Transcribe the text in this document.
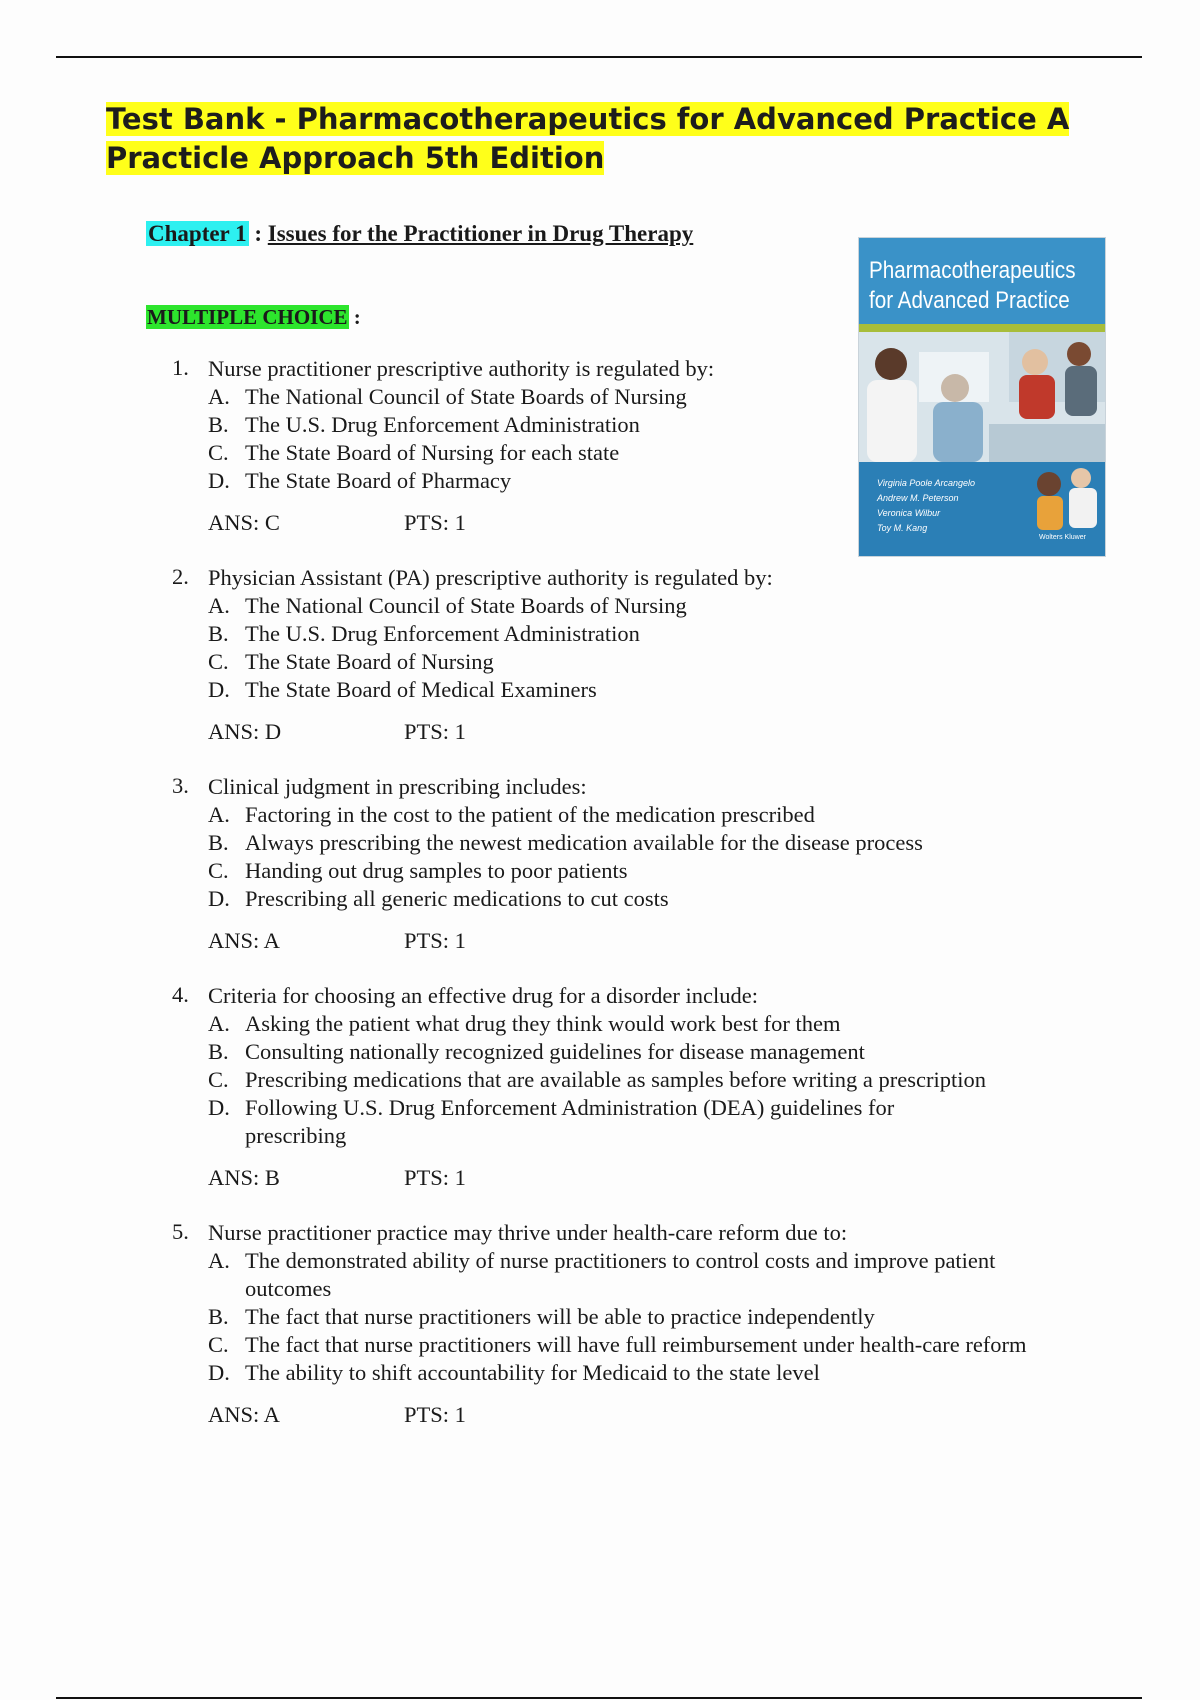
Test Bank - Pharmacotherapeutics for Advanced Practice A Practicle Approach 5th Edition
Chapter 1 : Issues for the Practitioner in Drug Therapy
MULTIPLE CHOICE :
Pharmacotherapeutics
for Advanced Practice
Virginia Poole Arcangelo
Andrew M. Peterson
Veronica Wilbur
Toy M. Kang
Wolters Kluwer
1. Nurse practitioner prescriptive authority is regulated by:
A. The National Council of State Boards of Nursing
B. The U.S. Drug Enforcement Administration
C. The State Board of Nursing for each state
D. The State Board of Pharmacy
ANS: C	PTS: 1
2. Physician Assistant (PA) prescriptive authority is regulated by:
A. The National Council of State Boards of Nursing
B. The U.S. Drug Enforcement Administration
C. The State Board of Nursing
D. The State Board of Medical Examiners
ANS: D	PTS: 1
3. Clinical judgment in prescribing includes:
A. Factoring in the cost to the patient of the medication prescribed
B. Always prescribing the newest medication available for the disease process
C. Handing out drug samples to poor patients
D. Prescribing all generic medications to cut costs
ANS: A	PTS: 1
4. Criteria for choosing an effective drug for a disorder include:
A. Asking the patient what drug they think would work best for them
B. Consulting nationally recognized guidelines for disease management
C. Prescribing medications that are available as samples before writing a prescription
D. Following U.S. Drug Enforcement Administration (DEA) guidelines for prescribing
ANS: B	PTS: 1
5. Nurse practitioner practice may thrive under health-care reform due to:
A. The demonstrated ability of nurse practitioners to control costs and improve patient outcomes
B. The fact that nurse practitioners will be able to practice independently
C. The fact that nurse practitioners will have full reimbursement under health-care reform
D. The ability to shift accountability for Medicaid to the state level
ANS: A	PTS: 1
